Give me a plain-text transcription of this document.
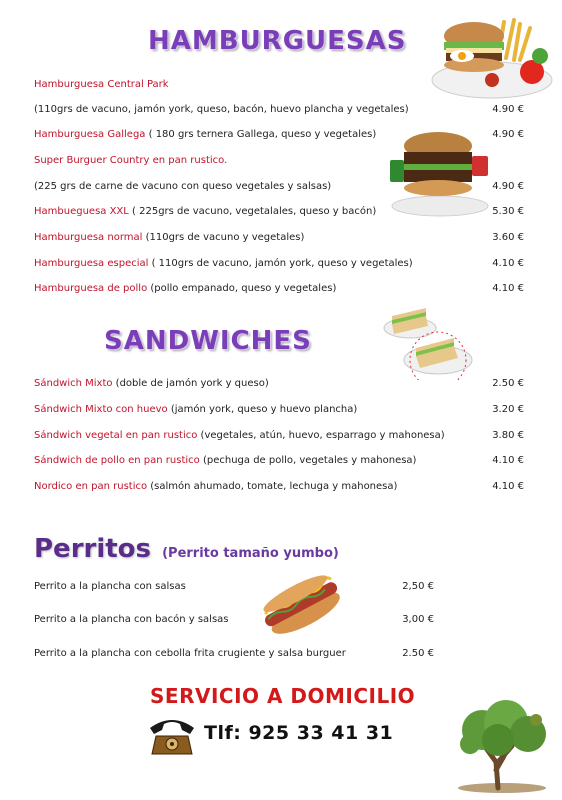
HAMBURGUESAS
Hamburguesa Central Park
(110grs de vacuno, jamón york, queso, bacón, huevo plancha y vegetales)	4.90 €
Hamburguesa Gallega ( 180 grs ternera Gallega, queso y vegetales)	4.90 €
Super Burguer Country en pan rustico.
(225 grs de carne de vacuno con queso vegetales y salsas)	4.90 €
Hambueguesa XXL ( 225grs de vacuno, vegetalales, queso y bacón)	5.30 €
Hamburguesa normal (110grs de vacuno y vegetales)	3.60 €
Hamburguesa especial ( 110grs de vacuno, jamón york, queso y vegetales)	4.10 €
Hamburguesa de pollo (pollo empanado, queso y vegetales)	4.10 €
SANDWICHES
Sándwich Mixto (doble de jamón york y queso)	2.50 €
Sándwich Mixto con huevo (jamón york, queso y huevo plancha)	3.20 €
Sándwich vegetal en pan rustico (vegetales, atún, huevo, esparrago y mahonesa)	3.80 €
Sándwich de pollo en pan rustico (pechuga de pollo, vegetales y mahonesa)	4.10 €
Nordico en pan rustico (salmón ahumado, tomate, lechuga y mahonesa)	4.10 €
Perritos (Perrito tamaño yumbo)
Perrito a la plancha con salsas	2,50 €
Perrito a la plancha con bacón y salsas	3,00 €
Perrito a la plancha con cebolla frita crugiente y salsa burguer	2.50 €
SERVICIO A DOMICILIO
Tlf: 925 33 41 31
